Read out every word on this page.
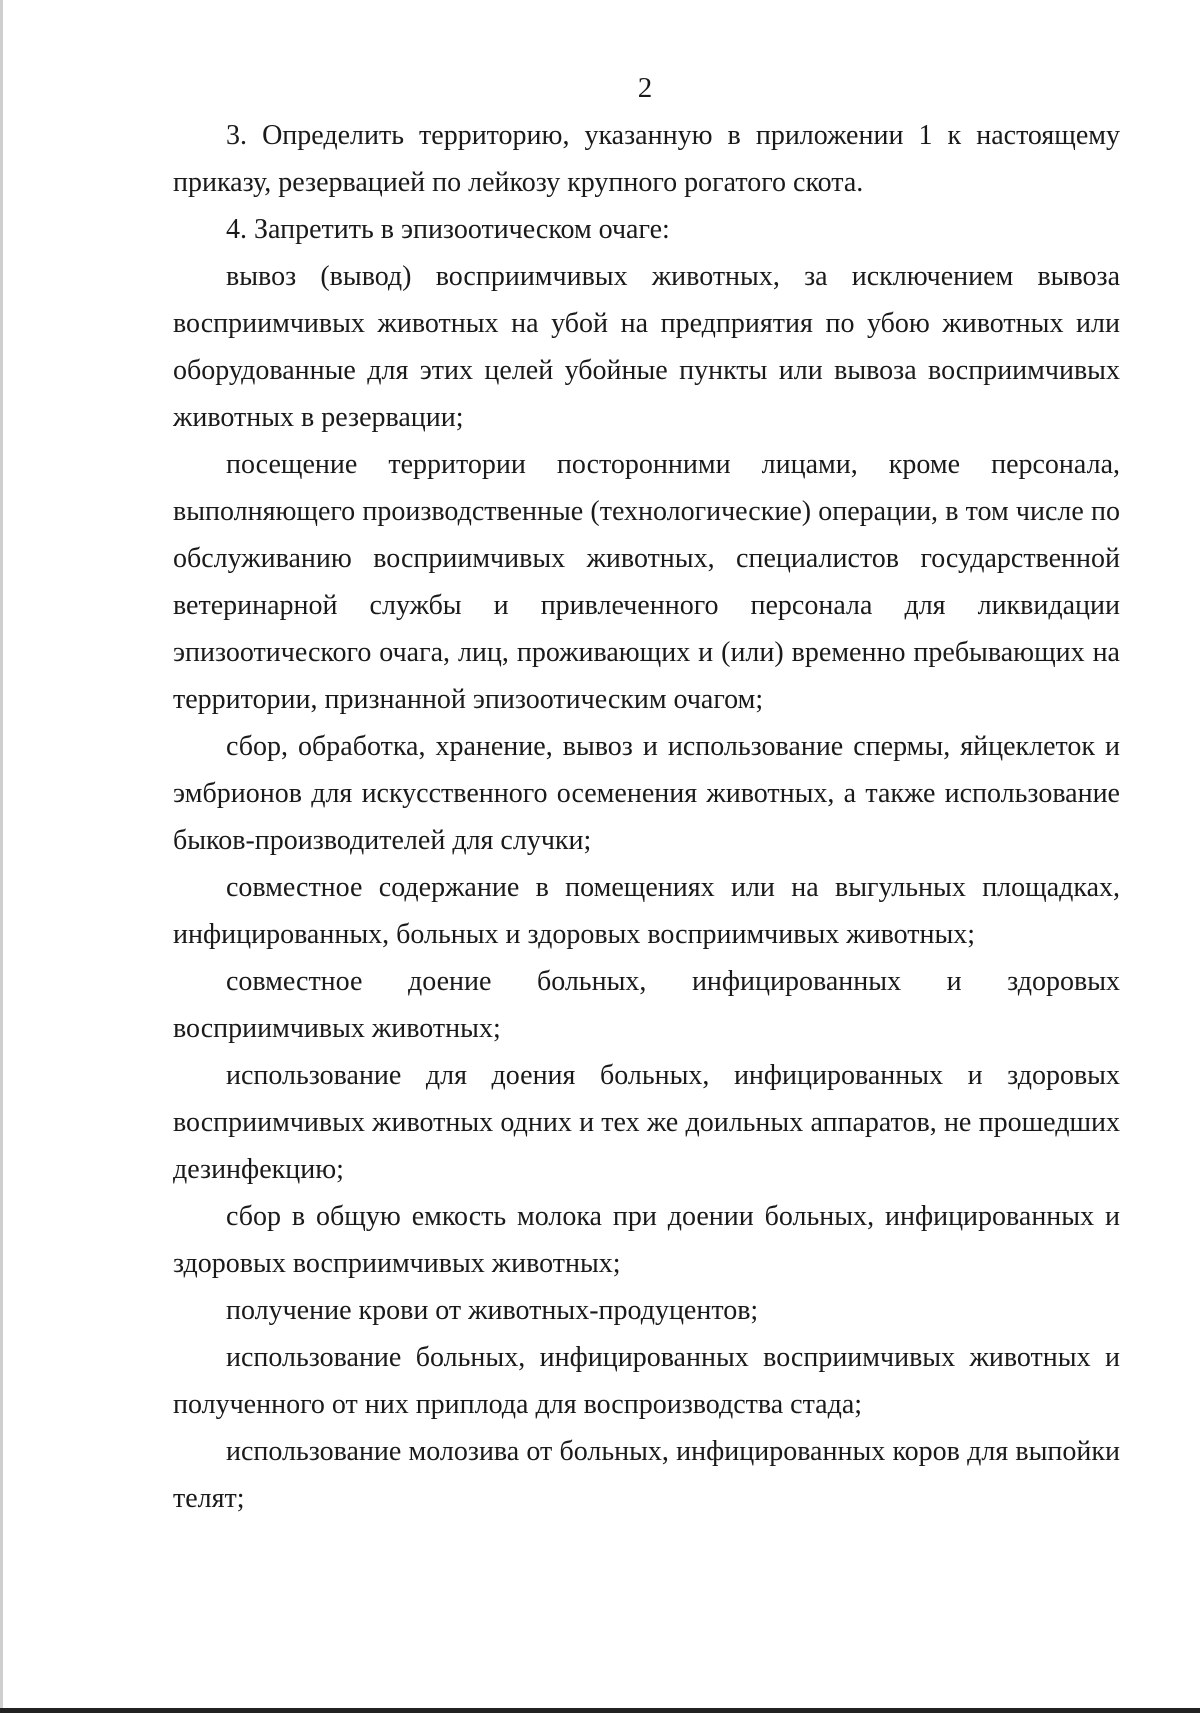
2

3. Определить территорию, указанную в приложении 1 к настоящему приказу, резервацией по лейкозу крупного рогатого скота.

4. Запретить в эпизоотическом очаге:

вывоз (вывод) восприимчивых животных, за исключением вывоза восприимчивых животных на убой на предприятия по убою животных или оборудованные для этих целей убойные пункты или вывоза восприимчивых животных в резервации;

посещение территории посторонними лицами, кроме персонала, выполняющего производственные (технологические) операции, в том числе по обслуживанию восприимчивых животных, специалистов государственной ветеринарной службы и привлеченного персонала для ликвидации эпизоотического очага, лиц, проживающих и (или) временно пребывающих на территории, признанной эпизоотическим очагом;

сбор, обработка, хранение, вывоз и использование спермы, яйцеклеток и эмбрионов для искусственного осеменения животных, а также использование быков-производителей для случки;

совместное содержание в помещениях или на выгульных площадках, инфицированных, больных и здоровых восприимчивых животных;

совместное доение больных, инфицированных и здоровых восприимчивых животных;

использование для доения больных, инфицированных и здоровых восприимчивых животных одних и тех же доильных аппаратов, не прошедших дезинфекцию;

сбор в общую емкость молока при доении больных, инфицированных и здоровых восприимчивых животных;

получение крови от животных-продуцентов;

использование больных, инфицированных восприимчивых животных и полученного от них приплода для воспроизводства стада;

использование молозива от больных, инфицированных коров для выпойки телят;
